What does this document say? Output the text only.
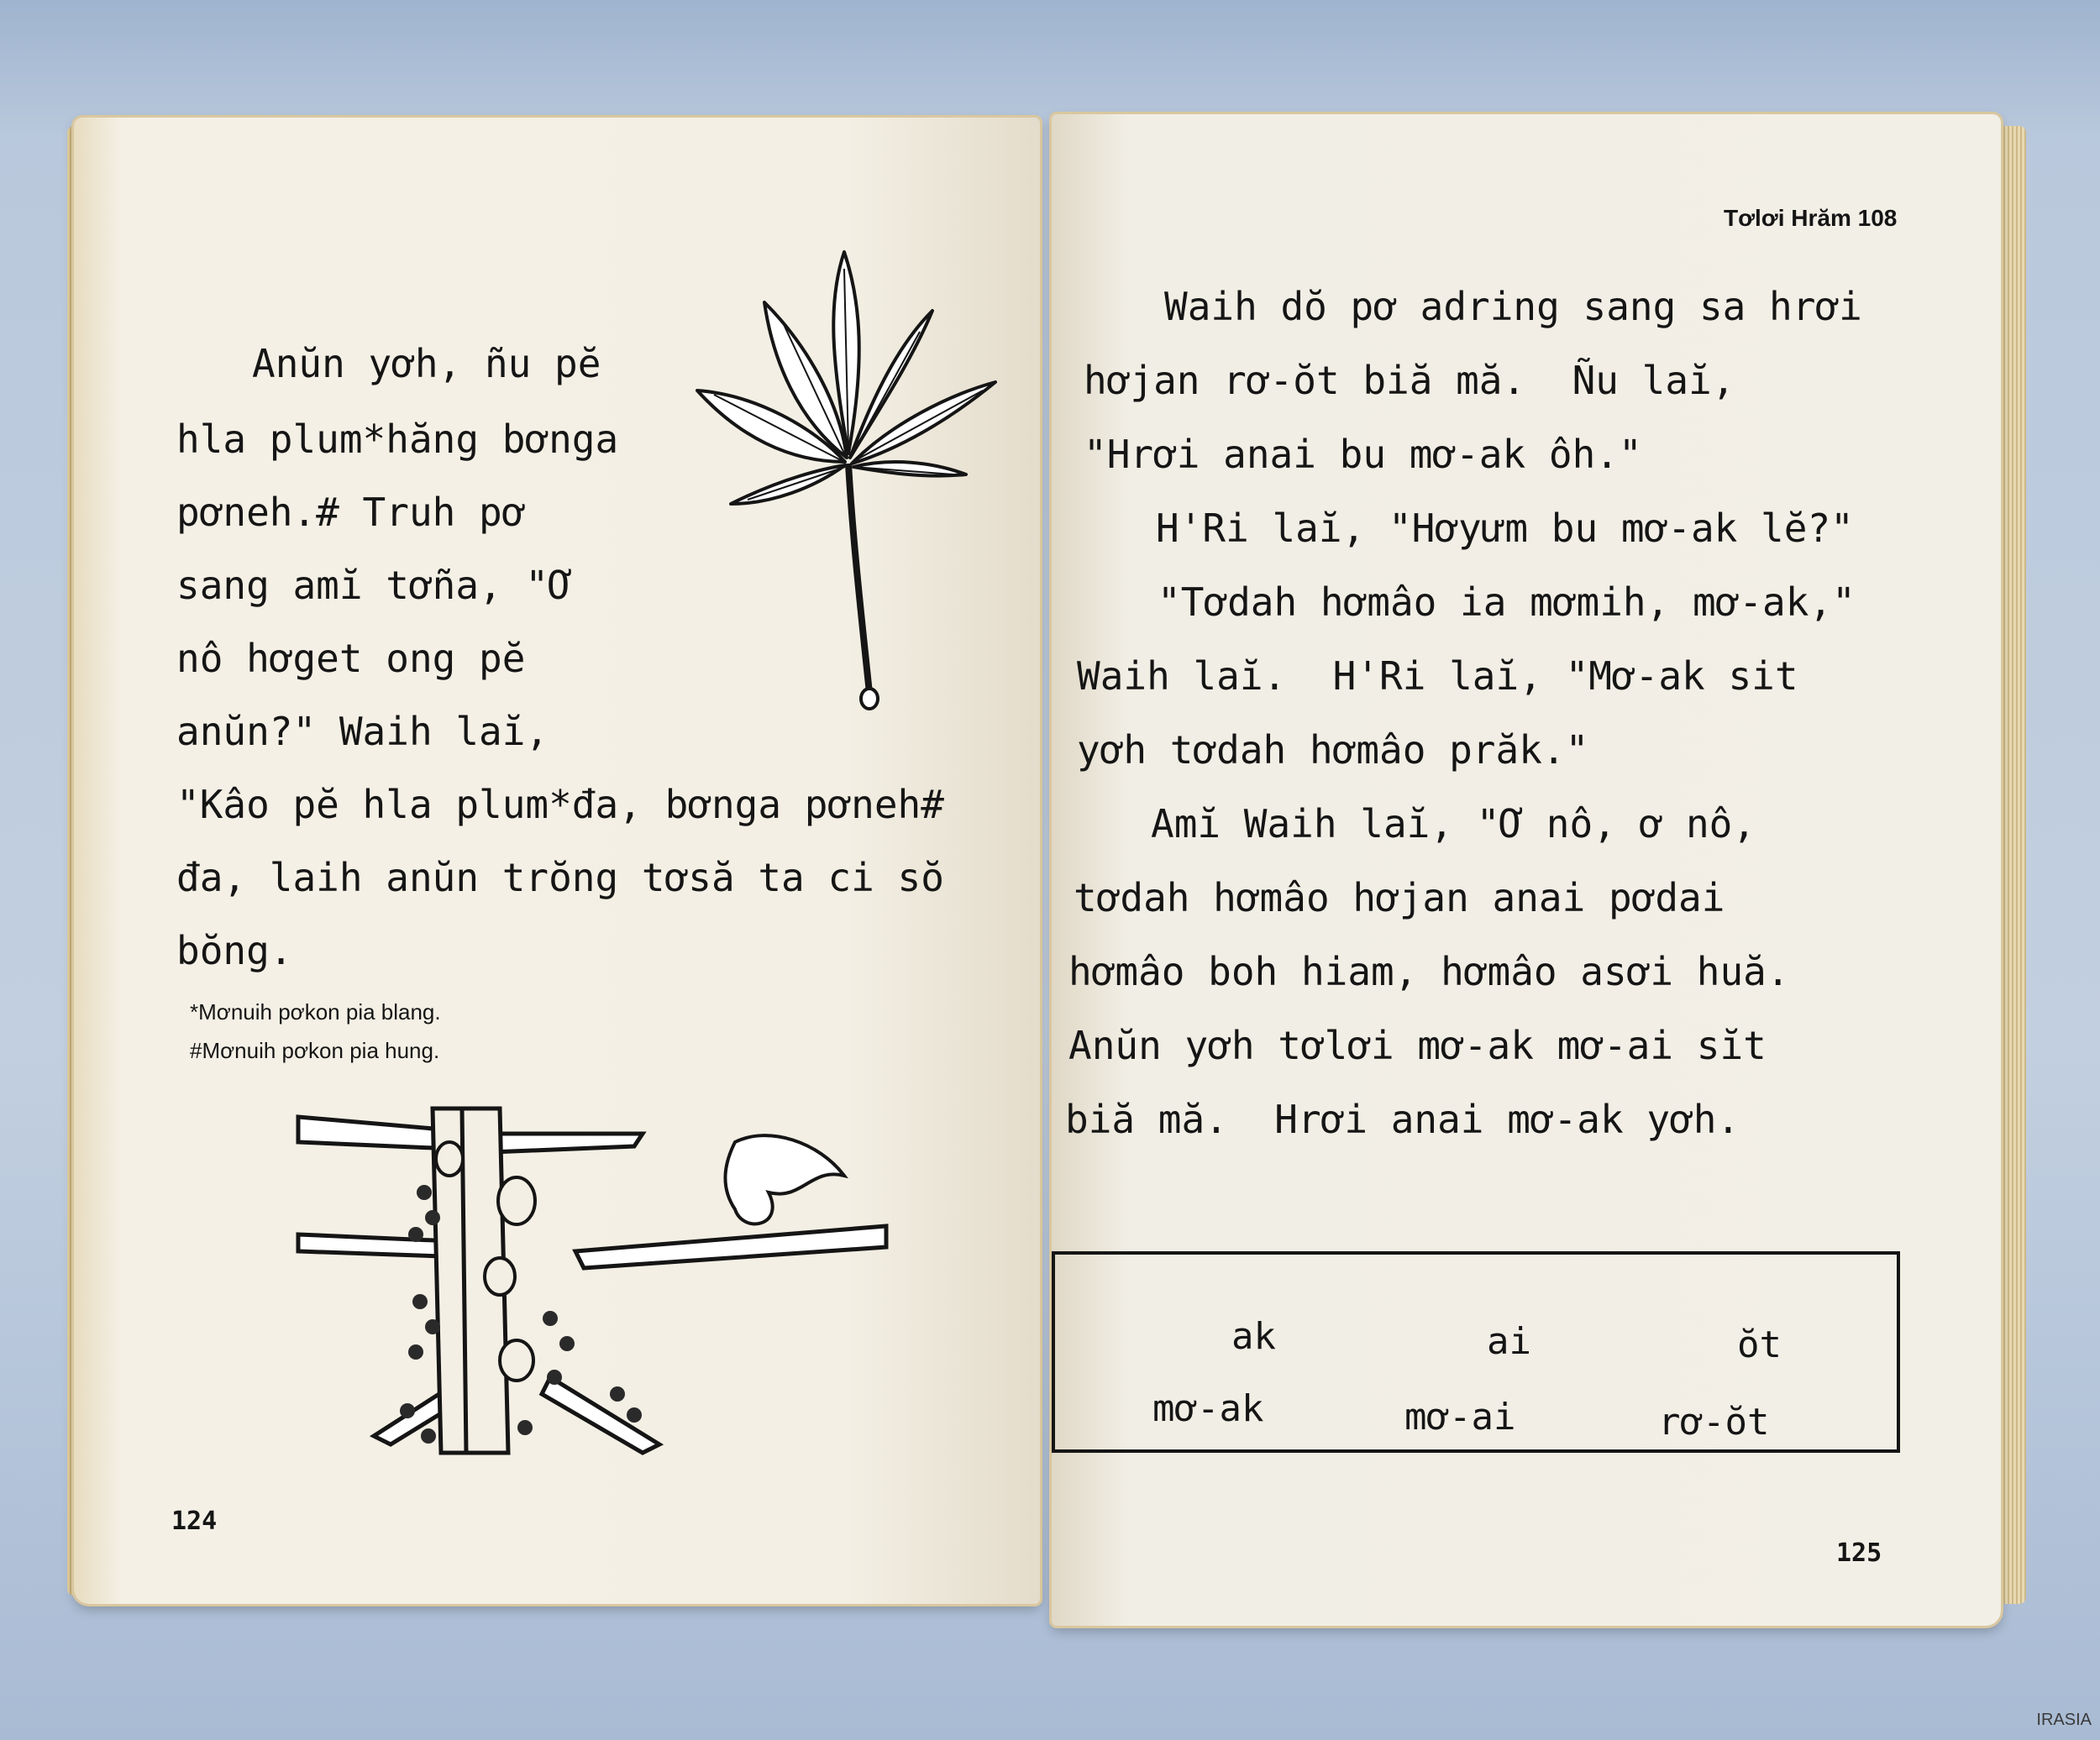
Anŭn yơh, ñu pĕ
hla plum*hăng bơnga
pơneh.# Truh pơ
sang amĭ tơña, "Ơ
nô hơget ong pĕ
anŭn?" Waih laĭ,
"Kâo pĕ hla plum*đa, bơnga pơneh#
đa, laih anŭn trŏng tơsă ta ci sŏ
bŏng.
*Mơnuih pơkon pia blang.
#Mơnuih pơkon pia hung.
124
Tơlơi Hrăm 108
Waih dŏ pơ adring sang sa hrơi
hơjan rơ-ŏt biă mă.  Ñu laĭ,
"Hrơi anai bu mơ-ak ôh."
H'Ri laĭ, "Hơyưm bu mơ-ak lĕ?"
"Tơdah hơmâo ia mơmih, mơ-ak,"
Waih laĭ.  H'Ri laĭ, "Mơ-ak sit
yơh tơdah hơmâo prăk."
Amĭ Waih laĭ, "Ơ nô, ơ nô,
tơdah hơmâo hơjan anai pơdai
hơmâo boh hiam, hơmâo asơi huă.
Anŭn yơh tơlơi mơ-ak mơ-ai sĭt
biă mă.  Hrơi anai mơ-ak yơh.
ak
mơ-ak
ai
mơ-ai
ŏt
rơ-ŏt
125
IRASIA
